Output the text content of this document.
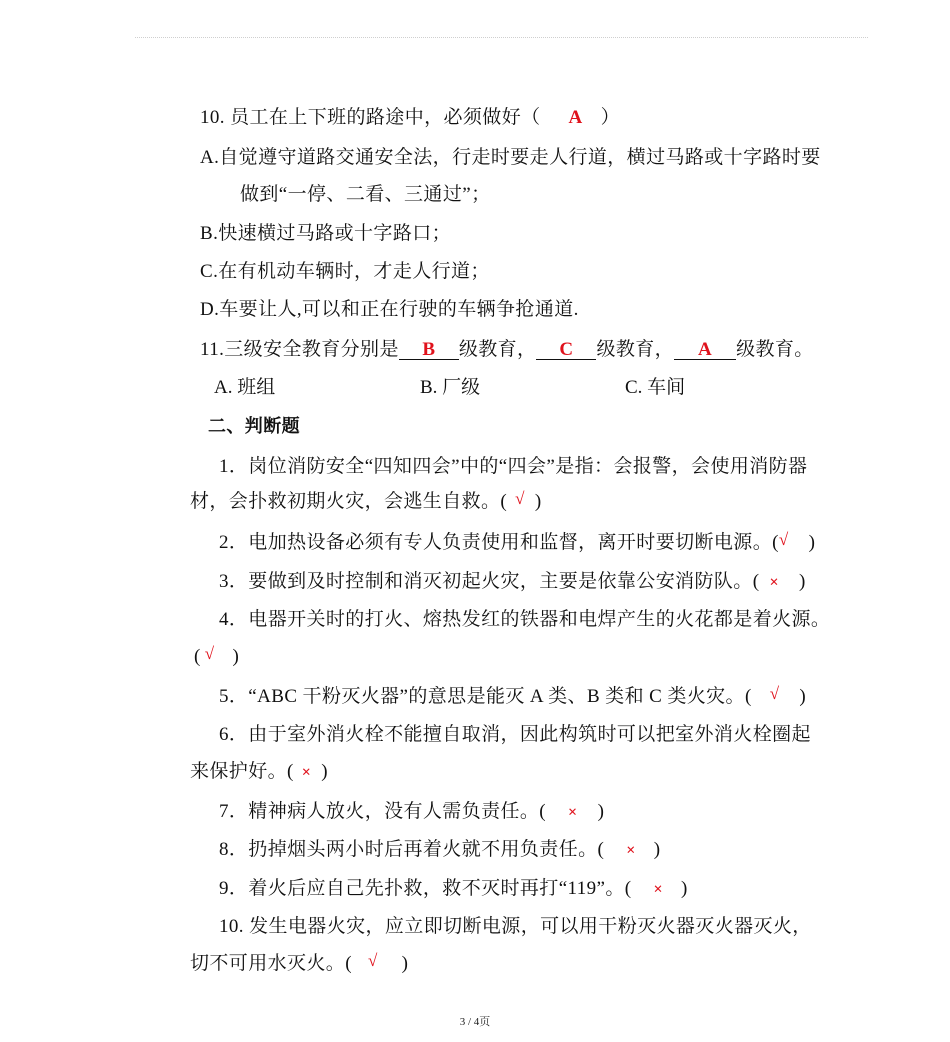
10. 员工在上下班的路途中，必须做好（ A ）
A.自觉遵守道路交通安全法，行走时要走人行道，横过马路或十字路时要
做到“一停、二看、三通过”；
B.快速横过马路或十字路口；
C.在有机动车辆时，才走人行道；
D.车要让人,可以和正在行驶的车辆争抢通道.
11.三级安全教育分别是 B 级教育， C 级教育， A 级教育。
A. 班组	B. 厂级	C. 车间
二、判断题
1．岗位消防安全“四知四会”中的“四会”是指：会报警，会使用消防器
材，会扑救初期火灾，会逃生自救。( √ )
2．电加热设备必须有专人负责使用和监督，离开时要切断电源。(√ )
3．要做到及时控制和消灭初起火灾，主要是依靠公安消防队。( × )
4．电器开关时的打火、熔热发红的铁器和电焊产生的火花都是着火源。
( √ )
5．“ABC 干粉灭火器”的意思是能灭 A 类、B 类和 C 类火灾。( √ )
6．由于室外消火栓不能擅自取消，因此构筑时可以把室外消火栓圈起
来保护好。( × )
7．精神病人放火，没有人需负责任。( × )
8．扔掉烟头两小时后再着火就不用负责任。( × )
9．着火后应自己先扑救，救不灭时再打“119”。( × )
10. 发生电器火灾，应立即切断电源，可以用干粉灭火器灭火器灭火，
切不可用水灭火。( √ )
3 / 4页
